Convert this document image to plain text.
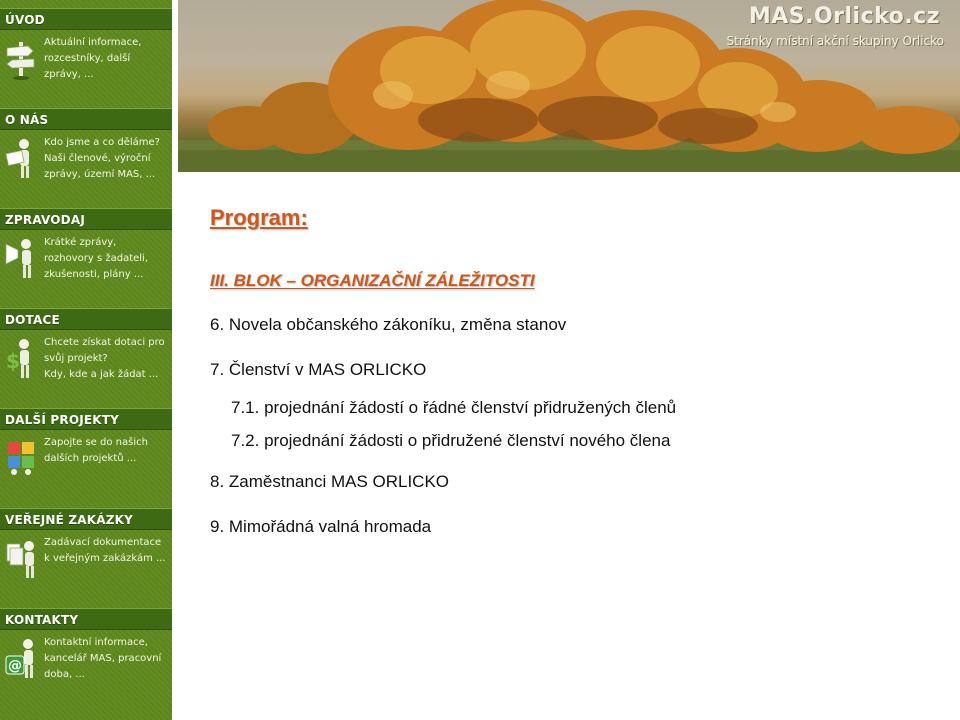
ÚVOD
Aktuální informace,
rozcestníky, další
zprávy, ...
O NÁS
Kdo jsme a co děláme?
Naši členové, výroční
zprávy, území MAS, ...
ZPRAVODAJ
Krátké zprávy,
rozhovory s žadateli,
zkušenosti, plány ...
DOTACE
$
Chcete získat dotaci pro
svůj projekt?
Kdy, kde a jak žádat ...
DALŠÍ PROJEKTY
Zapojte se do našich
dalších projektů ...
VEŘEJNÉ ZAKÁZKY
Zadávací dokumentace
k veřejným zakázkám ...
KONTAKTY
@
Kontaktní informace,
kancelář MAS, pracovní
doba, ...
MAS.Orlicko.cz
Stránky místní akční skupiny Orlicko
Program:
III. BLOK – ORGANIZAČNÍ ZÁLEŽITOSTI
6. Novela občanského zákoníku, změna stanov
7. Členství v MAS ORLICKO
7.1. projednání žádostí o řádné členství přidružených členů
7.2. projednání žádosti o přidružené členství nového člena
8. Zaměstnanci MAS ORLICKO
9. Mimořádná valná hromada
